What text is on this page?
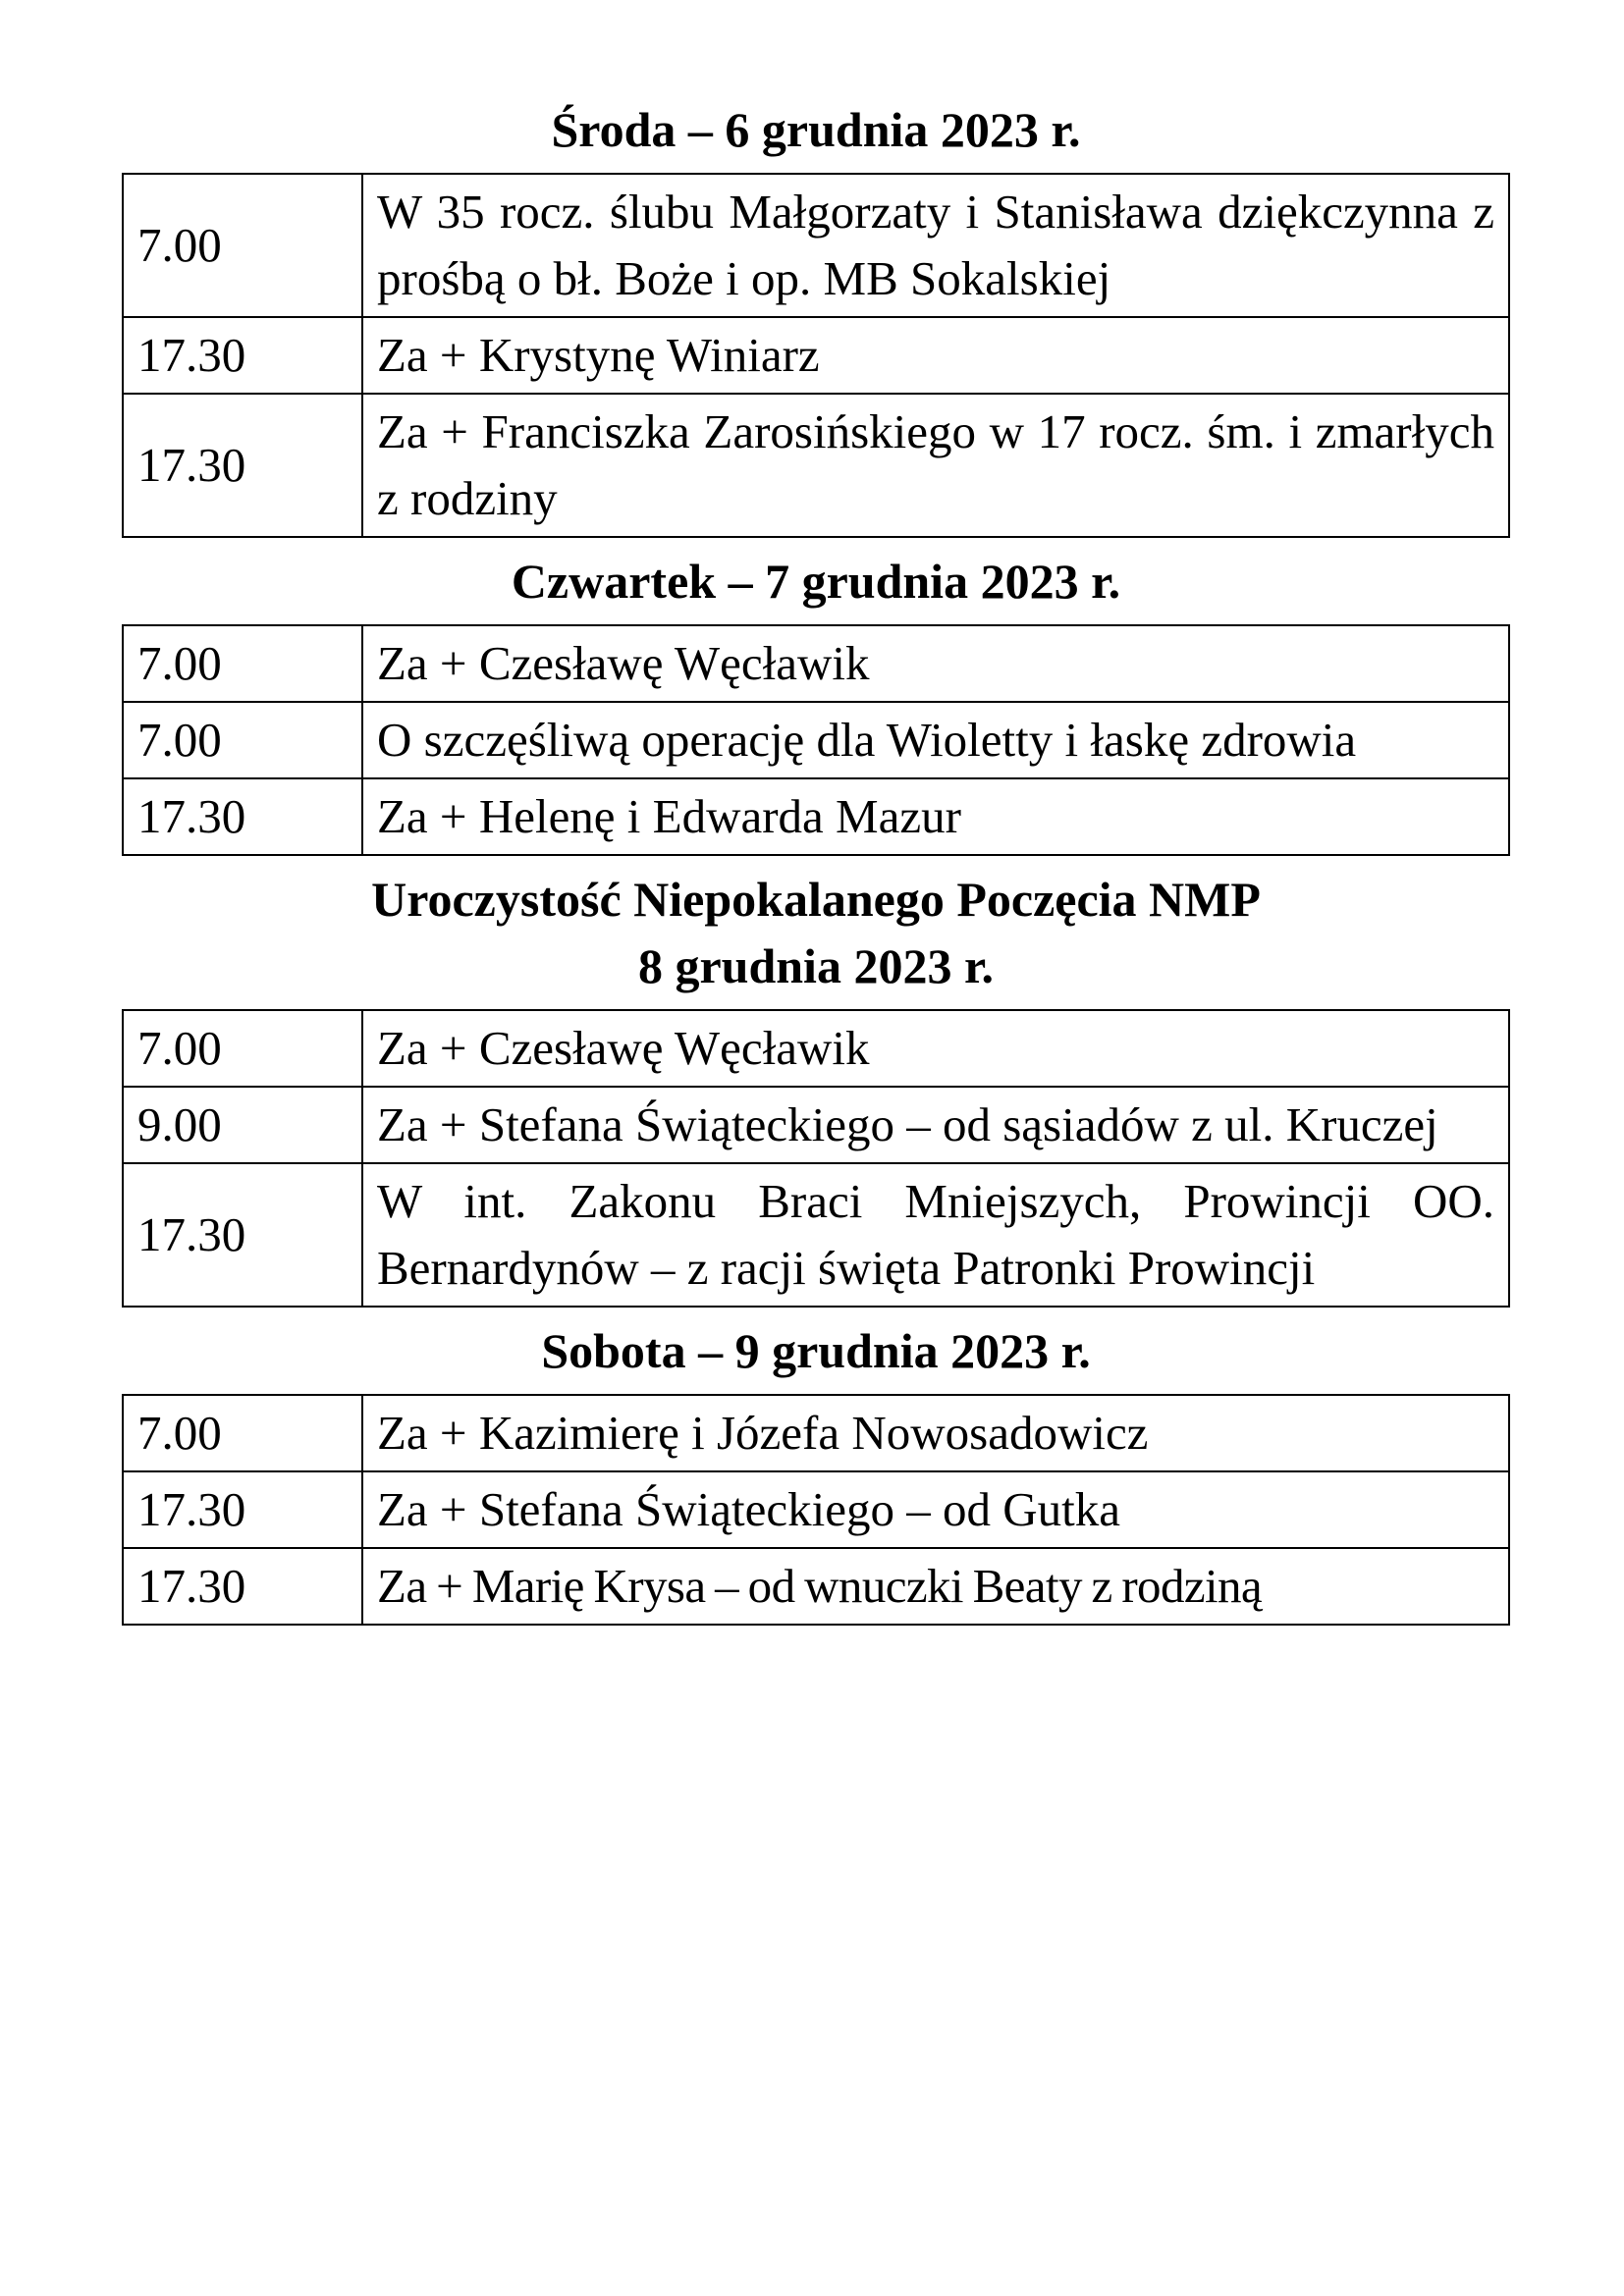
Środa – 6 grudnia 2023 r.
7.00	W 35 rocz. ślubu Małgorzaty i Stanisława dziękczynna z prośbą o bł. Boże i op. MB Sokalskiej
17.30	Za + Krystynę Winiarz
17.30	Za + Franciszka Zarosińskiego w 17 rocz. śm. i zmarłych z rodziny
Czwartek – 7 grudnia 2023 r.
7.00	Za + Czesławę Węcławik
7.00	O szczęśliwą operację dla Wioletty i łaskę zdrowia
17.30	Za + Helenę i Edwarda Mazur
Uroczystość Niepokalanego Poczęcia NMP
8 grudnia 2023 r.
7.00	Za + Czesławę Węcławik
9.00	Za + Stefana Świąteckiego – od sąsiadów z ul. Kruczej
17.30	W int. Zakonu Braci Mniejszych, Prowincji OO. Bernardynów – z racji święta Patronki Prowincji
Sobota – 9 grudnia 2023 r.
7.00	Za + Kazimierę i Józefa Nowosadowicz
17.30	Za + Stefana Świąteckiego – od Gutka
17.30	Za + Marię Krysa – od wnuczki Beaty z rodziną
